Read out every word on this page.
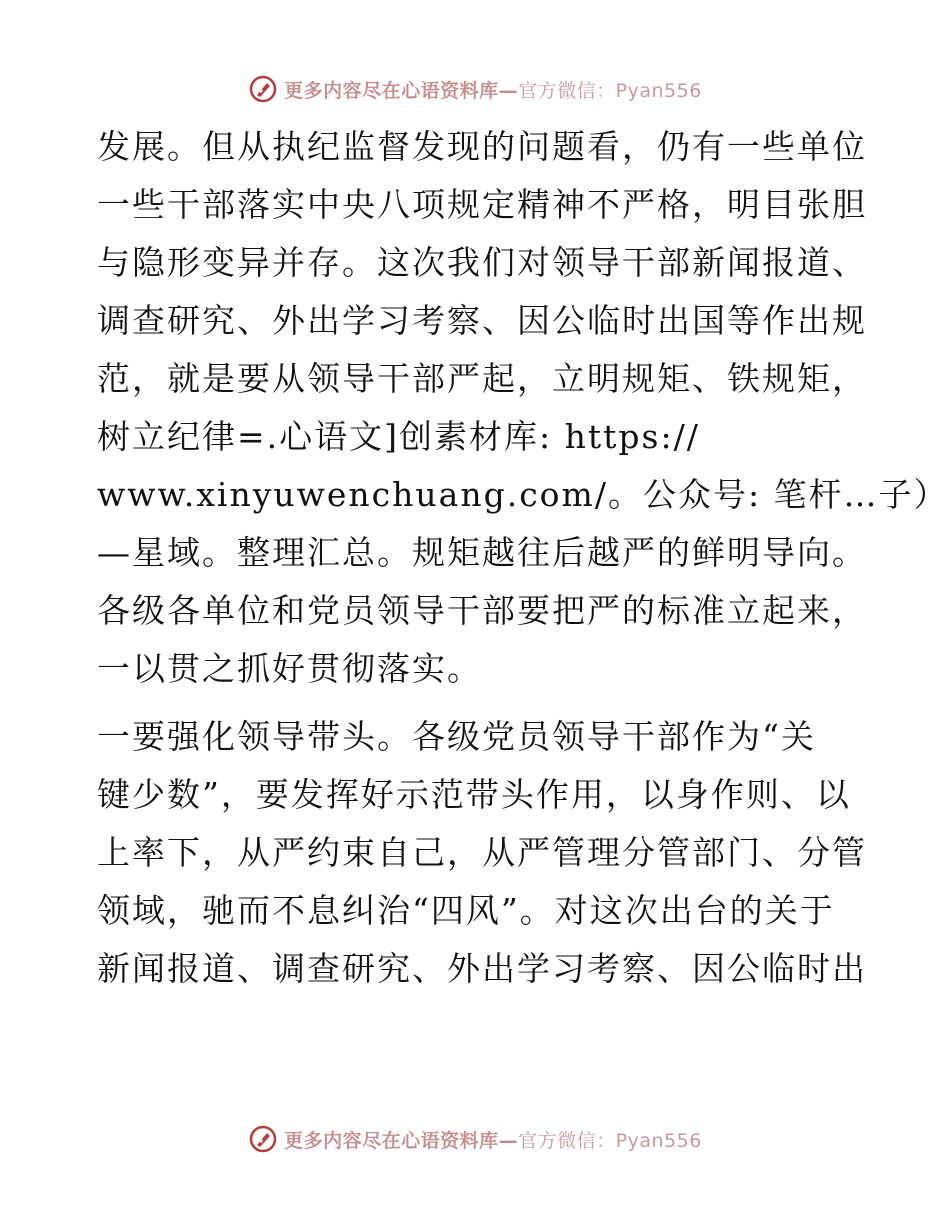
更多内容尽在心语资料库—官方微信：Pyan556
发展。但从执纪监督发现的问题看，仍有一些单位
一些干部落实中央八项规定精神不严格，明目张胆
与隐形变异并存。这次我们对领导干部新闻报道、
调查研究、外出学习考察、因公临时出国等作出规
范，就是要从领导干部严起，立明规矩、铁规矩，
树立纪律=.心语文]创素材库: https://
www.xinyuwenchuang.com/。公众号: 笔杆…子）
—星域。整理汇总。规矩越往后越严的鲜明导向。
各级各单位和党员领导干部要把严的标准立起来，
一以贯之抓好贯彻落实。
一要强化领导带头。各级党员领导干部作为“关
键少数”，要发挥好示范带头作用，以身作则、以
上率下，从严约束自己，从严管理分管部门、分管
领域，驰而不息纠治“四风”。对这次出台的关于
新闻报道、调查研究、外出学习考察、因公临时出
更多内容尽在心语资料库—官方微信：Pyan556
